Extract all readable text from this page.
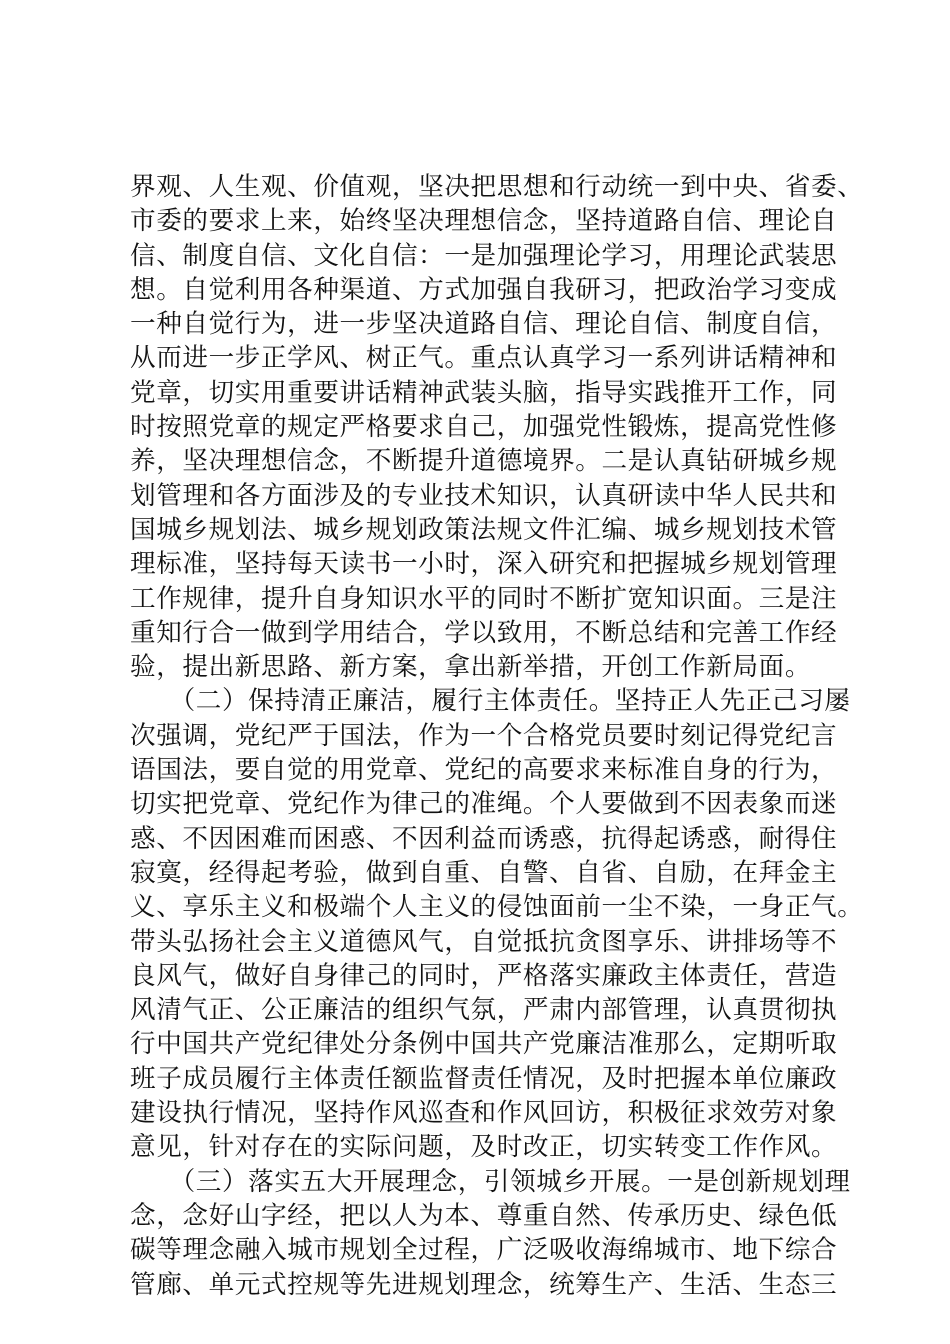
界观、人生观、价值观，坚决把思想和行动统一到中央、省委、
市委的要求上来，始终坚决理想信念，坚持道路自信、理论自
信、制度自信、文化自信：一是加强理论学习，用理论武装思
想。自觉利用各种渠道、方式加强自我研习，把政治学习变成
一种自觉行为，进一步坚决道路自信、理论自信、制度自信，
从而进一步正学风、树正气。重点认真学习一系列讲话精神和
党章，切实用重要讲话精神武装头脑，指导实践推开工作，同
时按照党章的规定严格要求自己，加强党性锻炼，提高党性修
养，坚决理想信念，不断提升道德境界。二是认真钻研城乡规
划管理和各方面涉及的专业技术知识，认真研读中华人民共和
国城乡规划法、城乡规划政策法规文件汇编、城乡规划技术管
理标准，坚持每天读书一小时，深入研究和把握城乡规划管理
工作规律，提升自身知识水平的同时不断扩宽知识面。三是注
重知行合一做到学用结合，学以致用，不断总结和完善工作经
验，提出新思路、新方案，拿出新举措，开创工作新局面。
　　（二）保持清正廉洁，履行主体责任。坚持正人先正己习屡
次强调，党纪严于国法，作为一个合格党员要时刻记得党纪言
语国法，要自觉的用党章、党纪的高要求来标准自身的行为，
切实把党章、党纪作为律己的准绳。个人要做到不因表象而迷
惑、不因困难而困惑、不因利益而诱惑，抗得起诱惑，耐得住
寂寞，经得起考验，做到自重、自警、自省、自励，在拜金主
义、享乐主义和极端个人主义的侵蚀面前一尘不染，一身正气。
带头弘扬社会主义道德风气，自觉抵抗贪图享乐、讲排场等不
良风气，做好自身律己的同时，严格落实廉政主体责任，营造
风清气正、公正廉洁的组织气氛，严肃内部管理，认真贯彻执
行中国共产党纪律处分条例中国共产党廉洁准那么，定期听取
班子成员履行主体责任额监督责任情况，及时把握本单位廉政
建设执行情况，坚持作风巡查和作风回访，积极征求效劳对象
意见，针对存在的实际问题，及时改正，切实转变工作作风。
　　（三）落实五大开展理念，引领城乡开展。一是创新规划理
念，念好山字经，把以人为本、尊重自然、传承历史、绿色低
碳等理念融入城市规划全过程，广泛吸收海绵城市、地下综合
管廊、单元式控规等先进规划理念，统筹生产、生活、生态三
